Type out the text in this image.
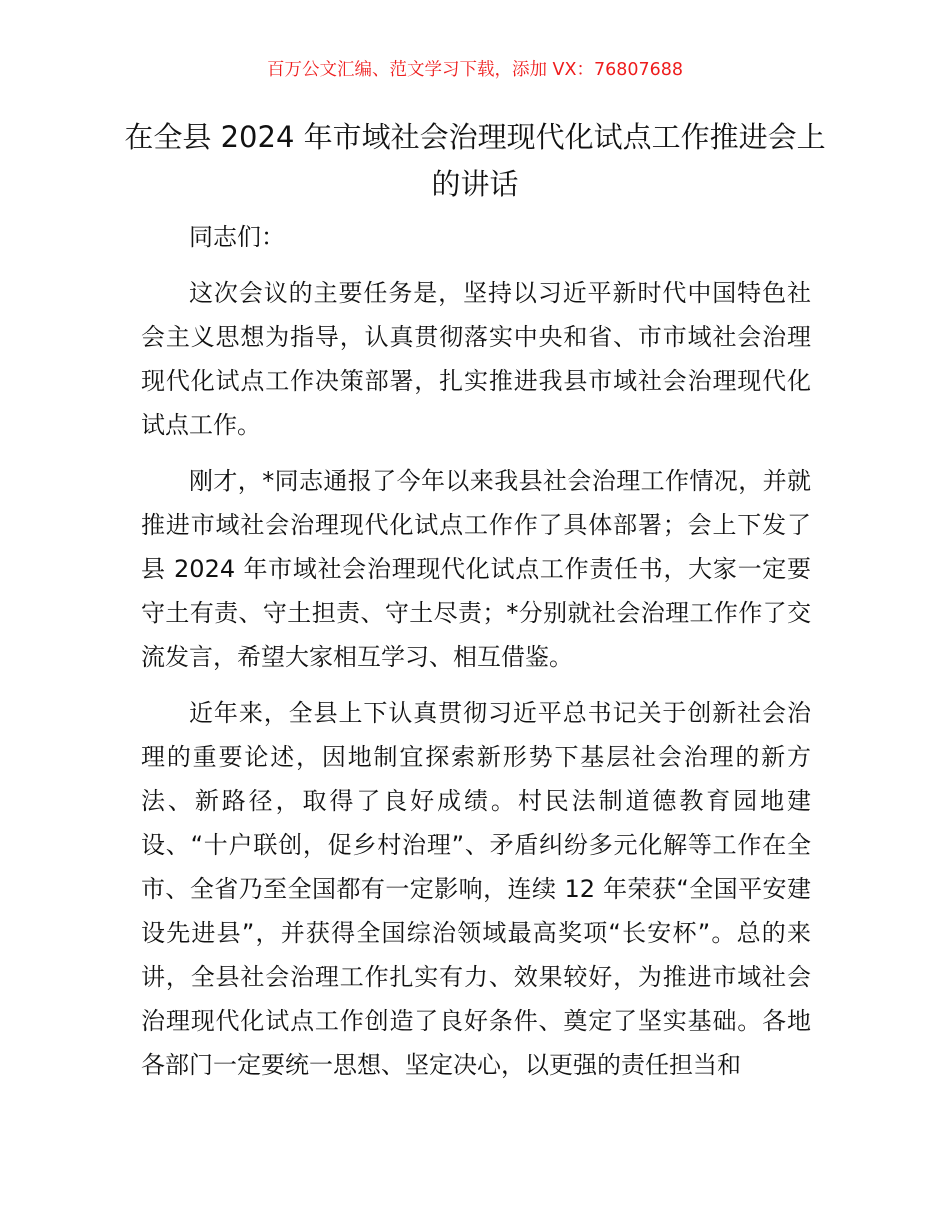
百万公文汇编、范文学习下载，添加 VX：76807688
在全县 2024 年市域社会治理现代化试点工作推进会上的讲话

同志们：

这次会议的主要任务是，坚持以习近平新时代中国特色社会主义思想为指导，认真贯彻落实中央和省、市市域社会治理现代化试点工作决策部署，扎实推进我县市域社会治理现代化试点工作。

刚才，*同志通报了今年以来我县社会治理工作情况，并就推进市域社会治理现代化试点工作作了具体部署；会上下发了县 2024 年市域社会治理现代化试点工作责任书，大家一定要守土有责、守土担责、守土尽责；*分别就社会治理工作作了交流发言，希望大家相互学习、相互借鉴。

近年来，全县上下认真贯彻习近平总书记关于创新社会治理的重要论述，因地制宜探索新形势下基层社会治理的新方法、新路径，取得了良好成绩。村民法制道德教育园地建设、“十户联创，促乡村治理”、矛盾纠纷多元化解等工作在全市、全省乃至全国都有一定影响，连续 12 年荣获“全国平安建设先进县”，并获得全国综治领域最高奖项“长安杯”。总的来讲，全县社会治理工作扎实有力、效果较好，为推进市域社会治理现代化试点工作创造了良好条件、奠定了坚实基础。各地各部门一定要统一思想、坚定决心，以更强的责任担当和
